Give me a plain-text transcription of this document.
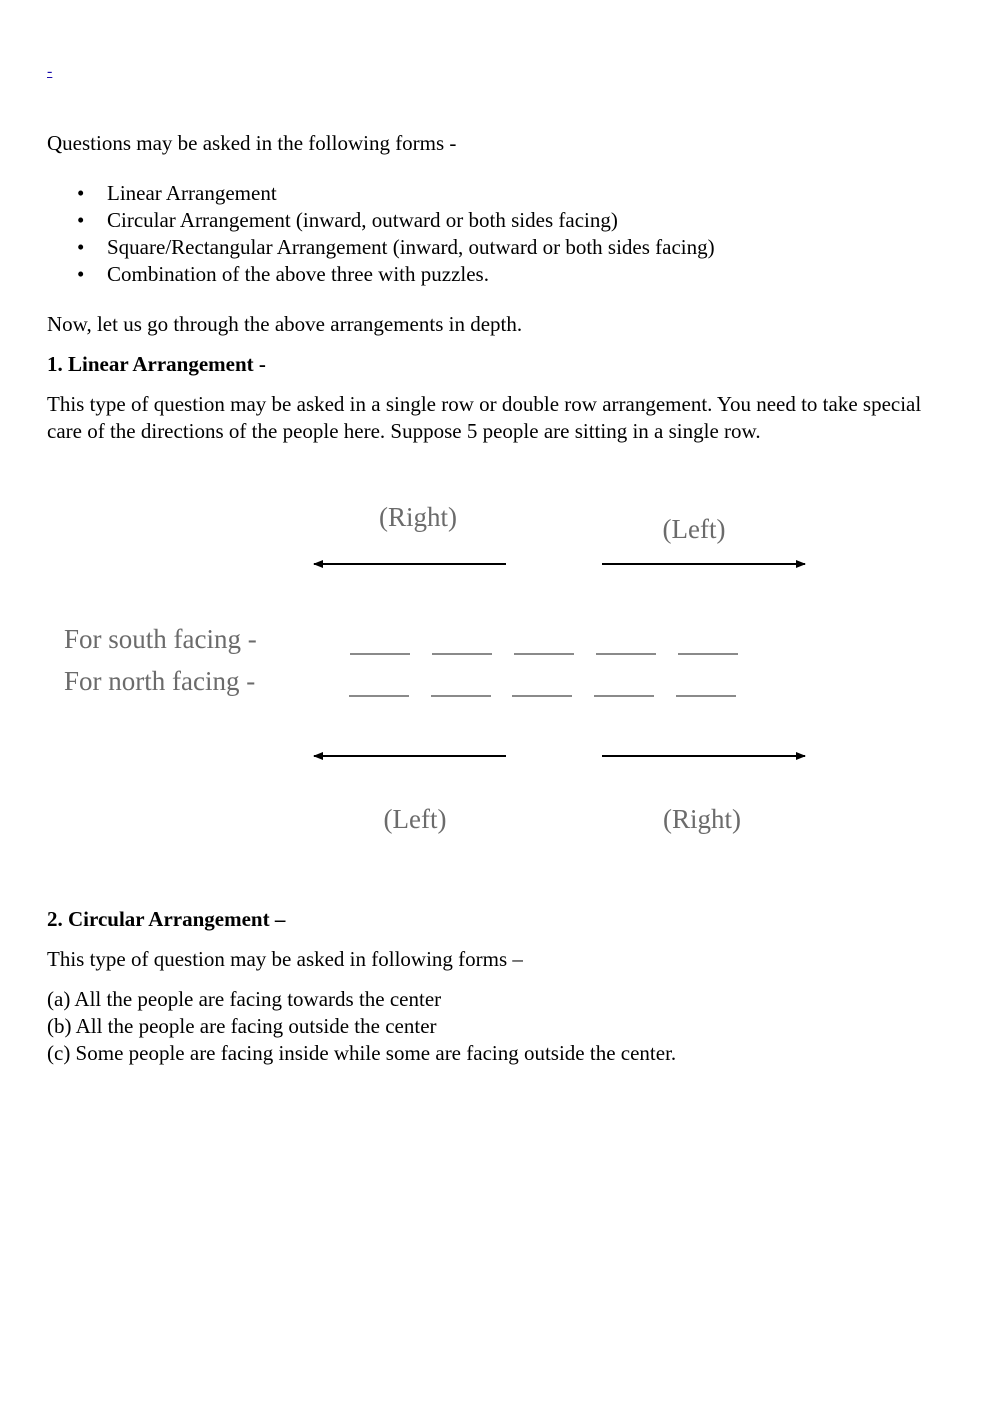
-

Questions may be asked in the following forms -

• Linear Arrangement
• Circular Arrangement (inward, outward or both sides facing)
• Square/Rectangular Arrangement (inward, outward or both sides facing)
• Combination of the above three with puzzles.

Now, let us go through the above arrangements in depth.

1. Linear Arrangement -

This type of question may be asked in a single row or double row arrangement. You need to take special care of the directions of the people here. Suppose 5 people are sitting in a single row.

(Right)	(Left)
For south facing -
For north facing -
(Left)	(Right)

2. Circular Arrangement –

This type of question may be asked in following forms –

(a) All the people are facing towards the center
(b) All the people are facing outside the center
(c) Some people are facing inside while some are facing outside the center.
